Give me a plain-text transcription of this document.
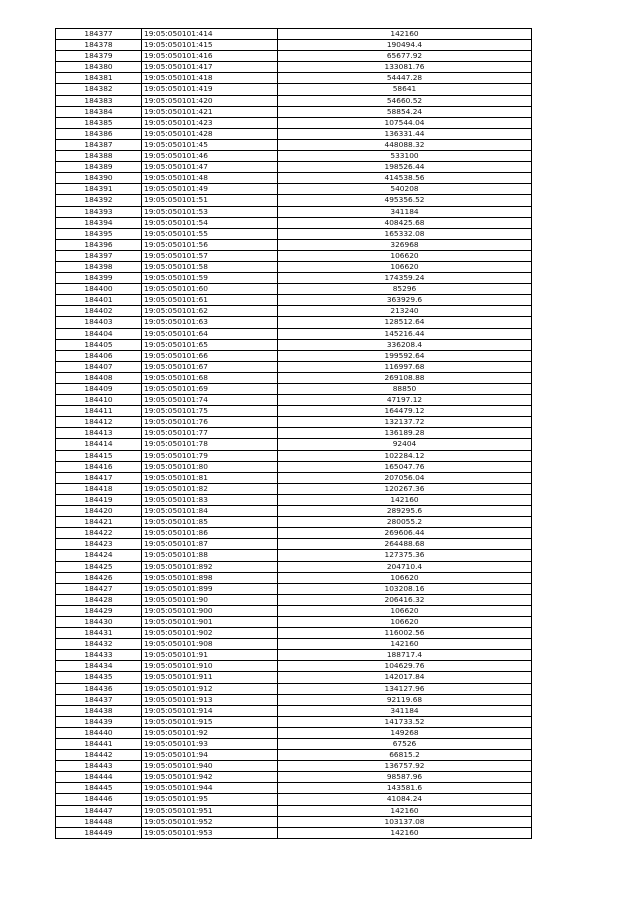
184377	19:05:050101:414	142160
184378	19:05:050101:415	190494.4
184379	19:05:050101:416	65677.92
184380	19:05:050101:417	133081.76
184381	19:05:050101:418	54447.28
184382	19:05:050101:419	58641
184383	19:05:050101:420	54660.52
184384	19:05:050101:421	58854.24
184385	19:05:050101:423	107544.04
184386	19:05:050101:428	136331.44
184387	19:05:050101:45	448088.32
184388	19:05:050101:46	533100
184389	19:05:050101:47	198526.44
184390	19:05:050101:48	414538.56
184391	19:05:050101:49	540208
184392	19:05:050101:51	495356.52
184393	19:05:050101:53	341184
184394	19:05:050101:54	408425.68
184395	19:05:050101:55	165332.08
184396	19:05:050101:56	326968
184397	19:05:050101:57	106620
184398	19:05:050101:58	106620
184399	19:05:050101:59	174359.24
184400	19:05:050101:60	85296
184401	19:05:050101:61	363929.6
184402	19:05:050101:62	213240
184403	19:05:050101:63	128512.64
184404	19:05:050101:64	145216.44
184405	19:05:050101:65	336208.4
184406	19:05:050101:66	199592.64
184407	19:05:050101:67	116997.68
184408	19:05:050101:68	269108.88
184409	19:05:050101:69	88850
184410	19:05:050101:74	47197.12
184411	19:05:050101:75	164479.12
184412	19:05:050101:76	132137.72
184413	19:05:050101:77	136189.28
184414	19:05:050101:78	92404
184415	19:05:050101:79	102284.12
184416	19:05:050101:80	165047.76
184417	19:05:050101:81	207056.04
184418	19:05:050101:82	120267.36
184419	19:05:050101:83	142160
184420	19:05:050101:84	289295.6
184421	19:05:050101:85	280055.2
184422	19:05:050101:86	269606.44
184423	19:05:050101:87	264488.68
184424	19:05:050101:88	127375.36
184425	19:05:050101:892	204710.4
184426	19:05:050101:898	106620
184427	19:05:050101:899	103208.16
184428	19:05:050101:90	206416.32
184429	19:05:050101:900	106620
184430	19:05:050101:901	106620
184431	19:05:050101:902	116002.56
184432	19:05:050101:908	142160
184433	19:05:050101:91	188717.4
184434	19:05:050101:910	104629.76
184435	19:05:050101:911	142017.84
184436	19:05:050101:912	134127.96
184437	19:05:050101:913	92119.68
184438	19:05:050101:914	341184
184439	19:05:050101:915	141733.52
184440	19:05:050101:92	149268
184441	19:05:050101:93	67526
184442	19:05:050101:94	66815.2
184443	19:05:050101:940	136757.92
184444	19:05:050101:942	98587.96
184445	19:05:050101:944	143581.6
184446	19:05:050101:95	41084.24
184447	19:05:050101:951	142160
184448	19:05:050101:952	103137.08
184449	19:05:050101:953	142160
